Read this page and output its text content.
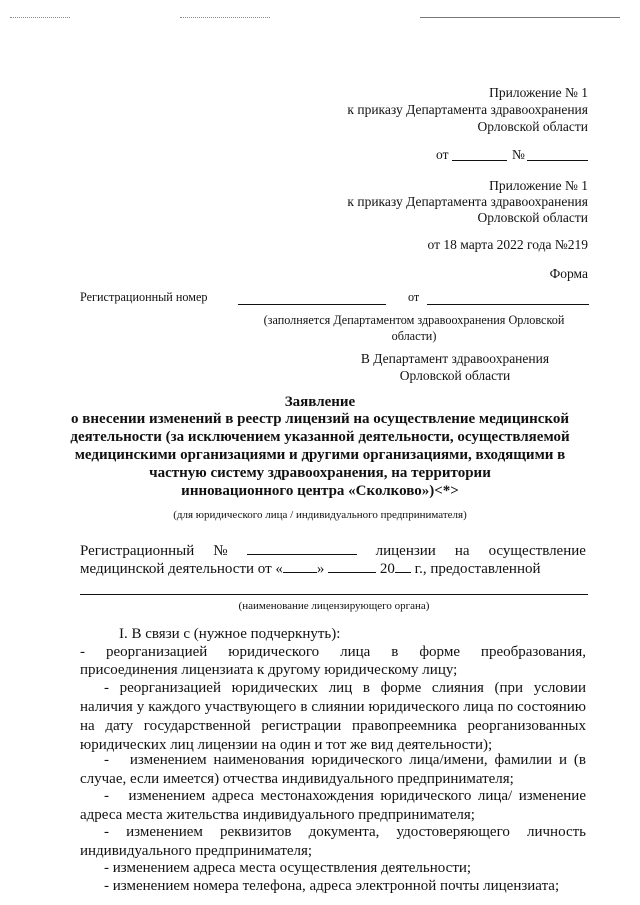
Приложение № 1
к приказу Департамента здравоохранения
Орловской области
от	№
Приложение № 1
к приказу Департамента здравоохранения
Орловской области
от 18 марта 2022 года №219
Форма
Регистрационный номер	от
(заполняется Департаментом здравоохранения Орловской
области)
В Департамент здравоохранения
Орловской области
Заявление
о внесении изменений в реестр лицензий на осуществление медицинской
деятельности (за исключением указанной деятельности, осуществляемой
медицинскими организациями и другими организациями, входящими в
частную систему здравоохранения, на территории
инновационного центра «Сколково»)<*>
(для юридического лица / индивидуального предпринимателя)
Регистрационный №	лицензии на осуществление
медицинской деятельности от « »	20 г., предоставленной
(наименование лицензирующего органа)
I. В связи с (нужное подчеркнуть):
-   реорганизацией   юридического   лица   в   форме   преобразования,
присоединения лицензиата к другому юридическому лицу;
- реорганизацией юридических лиц в форме слияния (при условии наличия у каждого участвующего в слиянии юридического лица по состоянию на дату государственной регистрации правопреемника реорганизованных юридических лиц лицензии на один и тот же вид деятельности);
-   изменением наименования юридического лица/имени, фамилии и (в случае, если имеется) отчества индивидуального предпринимателя;
-   изменением адреса местонахождения юридического лица/ изменение адреса места жительства индивидуального предпринимателя;
-   изменением   реквизитов   документа,   удостоверяющего   личность индивидуального предпринимателя;
- изменением адреса места осуществления деятельности;
- изменением номера телефона, адреса электронной почты лицензиата;
